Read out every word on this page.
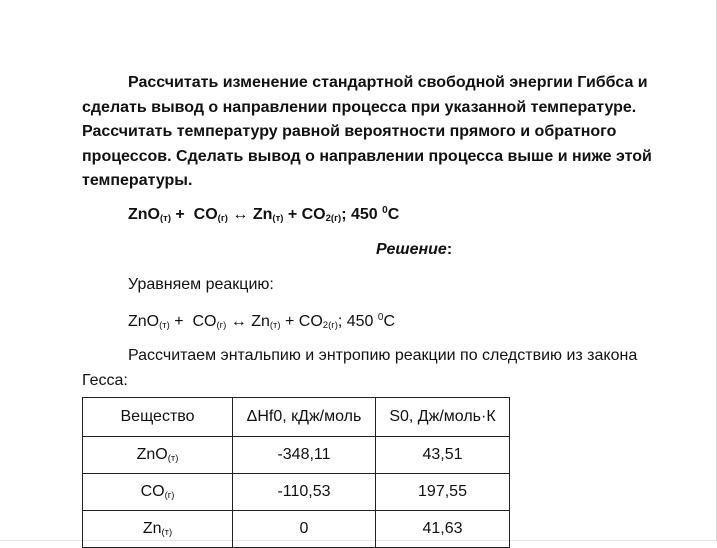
Рассчитать изменение стандартной свободной энергии Гиббса и сделать вывод о направлении процесса при указанной температуре. Рассчитать температуру равной вероятности прямого и обратного процессов. Сделать вывод о направлении процесса выше и ниже этой температуры.

$ZnO_{(т)} + CO_{(г)}$ ↔ $Zn_{(т)} + CO_{2(г)}$; 450 $^0$C
Решение:
Уравняем реакцию:
$ZnO_{(т)} + CO_{(г)}$ ↔ $Zn_{(т)} + CO_{2(г)}$; 450 $^0$C
Рассчитаем энтальпию и энтропию реакции по следствию из закона
Гесса:
Вещество	ΔHf0, кДж/моль	S0, Дж/моль·К
ZnO$_{(т)}$	-348,11	43,51
$CO_{(г)}$	-110,53	197,55
$Zn_{(т)}$	0	41,63
